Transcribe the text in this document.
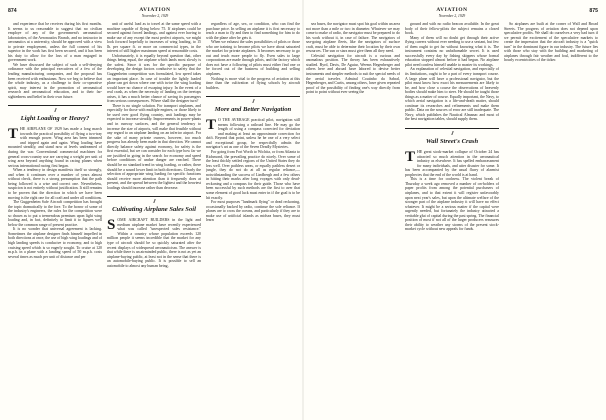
874	AVIATION
November 2, 1929
875
AVIATION
November 2, 1929

and experience that he receives during his first months. It seems to us reasonable to suggest that no civilian employe of any of the government's aeronautical laboratories, of the Aeronautics Branch, and no instructor in aeronautics at a university, should be approved with a view to private employment, unless the full consent of his superior in the work has first been secured, and it has been his duty to allow for the loss of a man engaged in government work.

We have discussed the subject of such a self-denying ordinance with the principal executives of a few of the leading manufacturing companies, and the proposal has been received with enthusiasm. Now we beg to believe that the whole industry, as a challenge to their co-operative spirit, may interest in the promotion of aeronautical research and aeronautical education, and to their far-sightedness and belief in their own future.

//
Light Loading or Heavy?

THE AIRPLANE OF 1929 has made a long march towards the practical possibility of flying a two-tray with enough power. Wing area has been trimmed and tripped again and again. Wing loading have mounted steadily, and stand now at levels undreamed of during the war. Conventional commercial machines for general cross-country use are carrying a weight per unit of wing area beyond anything found in racing planes when serious international racing first began.

When a tendency in design manifests itself so strongly, and when it continues over a number of years almost without check, there is a strong presumption that the path being followed is a wise and correct one. Nevertheless, suspicion is not entirely without justification. It still remains to be proven that the direction in which we have been moving is the right one for all craft and under all conditions.

The Guggenheim Safe Aircraft competition has brought the topic dramatically to the fore. To the horror of some of the industry's engineers, the rules for the competition were so drawn as to put a tremendous premium upon light wing loading and, in fact, definitely to limit it to figures well below the common range of present practice.

It is no wonder that universal agreement is lacking. Sometimes the airplane designer finds himself impelled in both directions at once, the use of high wing loadings and of high landing speeds is conducive to economy, and to high cruising speed which is so eagerly sought. To cruise at 120 m.p.h. in a plane with a landing speed of 50 m.p.h. costs several times as much per unit of distance and per

unit of useful load as to travel at the same speed with a machine capable of flying below 75. If airplanes could be secured against forced landings, and against ever having to make use of any except the most perfect airports, we might look forward hopefully to increases of wing loading, to 15 lb. per square ft. or more on commercial types, in the interest of still higher maximum speed at reasonable costs.

Unfortunately, it is equally beyond question that, other things being equal, the airplane which lands most slowly is the safest. Since it was for the specific purpose of developing the design factors conducive to safety that the Guggenheim competition was formulated, low speed takes an important place. In case of trouble the lightly loaded plane can get down where one with twice the wing loading would have no chance of escaping injury. In the event of a real crash, as when the necessity of landing on the treetops arises, it has a much better chance of saving its passengers from serious consequences. Where shall the designer turn?

There is no single solution. For transport airplanes, and especially for those with multiple engines, or those likely to be used over good flying country, unit loadings may be expected to increase steadily. Improvements in power-plants and in runway surfaces, and the general tendency to increase the size of airports, will make that feasible without any regard to an airplane landing on an inferior airport. For the sake of many private owners, however, too much progress has already been made in that direction. We cannot directly balance safety against economy, for safety is the first essential, but we can consider for each type how far we are justified in going in the search for economy and speed before conditions of undue danger are reached. There should be no standard trend in wing loading, or rather, there should be a sound lower limit in both directions. Clearly the selection of appropriate wing loading for specific functions should receive more attention than it frequently does at present, and the spread between the lightest and the heaviest loadings should increase rather than decrease.

//
Cultivating Airplane Sales Soil

SOME AIRCRAFT BUILDERS in the light and medium airplane market have recently experienced what was called "unexpected sales resistance." Within a country whose population exceeds 120 million people it seems incredible that the market for any type of aircraft should be so quickly saturated after the recent displays of widespread aeronauticism. The answer is that while there is an airminded public, there is not as yet an airplane-buying public, at least not in the sense that there is an automobile-buying public. It is possible to sell an automobile to almost any human being,

regardless of age, sex, or condition, who can find the purchase price. In selling an airplane it is first necessary to teach a man to fly and then to find something for him to do with the plane after he gets it.

When we exhaust the sales possibilities of pilots or those who are training to become pilots we have about saturated the market for private airplanes. It becomes necessary to go out and teach more people to fly. Even sales to large corporations are made through pilots, and the factory which does not have a following of pilots must either find one or be forced out of the business of building and selling airplanes.

Nothing is more vital to the progress of aviation at this time than the cultivation of flying schools by aircraft builders.

//
More and Better Navigation

T O THE AVERAGE practical pilot, navigation still means following a railroad line. He may go the length of using a compass corrected for deviation and making at least an approximate correction for drift. Beyond that point, unless he be one of a very select and exceptional group, he respectfully admits the navigator's art as one of the Seven Deadly Mysteries.

For going from Fort Worth to Wichita, or from Atlanta to Richmond, the prevailing practice do nicely. Over some of the least thickly settled regions of the United States they do less well. Over pathless areas, or equally pathless desert or jungle, they do not do at all as regular reliance,—notwithstanding the success of Lindbergh and a few others in hitting their marks after long voyages with only dead-reckoning and a compass for their guide. Those who have been successful by such methods are the first to aver that some element of good luck must enter in if the goal is to be hit exactly.

For most purposes "landmark flying" or dead reckoning, occasionally backed by radio, continue the sole reliance. If planes are to cross the oceans, and particularly if they are to make use of artificial islands as midsea bases, they must learn

sea bases, the navigator must spot his goal within an area not more than a mile or two in diameter. Whatever we may come to make of radio, the navigator must be prepared to do his work without it, in case of failure. The navigators of sea-going airplane fleets, like the navigators of surface craft, must be able to determine their location by their own resources. The sun or stars must give them all they need.

Celestial navigation for aircraft is a curious and anomalous position. The theory has been exhaustively studied. Byrd, Davis, De Aguiar, Weems Hegenberger and others here and abroad have labored to devise better instruments and simpler methods to suit the special needs of the aerial traveler. Admiral Coutinho da Sabral, Hegenberger, and Curtis, among others, have given repeated proof of the possibility of finding one's way directly from point to point without ever seeing the

ground and with no radio beacon available. In the great body of their fellow-pilots the subject remains a closed book.

Many of them will no doubt get through their active flying careers without ever needing to use a sextant, but few of them ought to get far without knowing what it is. The instrument contains no unfathomable secret. It is used successfully every day by fishing skippers whose formal education stopped almost before it had begun. No airplane pilot need confess himself unable to master its workings.

An explanation of celestial navigation, and especially of its limitations, ought to be a part of every transport course. A large plane will have a professional navigator, but the pilot must know how exact his measurements are likely to be, and how close a course the observations of heavenly bodies should make him to steer. He should be taught those things as a matter of course. Equally important, the Navy, to which aerial navigation is a life-and-death matter, should continue its researches and refinements and make them public. Data on the sources of error are still inadequate. The Navy, which publishes the Nautical Almanac and most of the best navigation tables, should supply them.

//
Wall Street's Crash

THE great stock-market collapse of October 24 has attracted so much attention in the aeronautical industry as elsewhere. It has spelled embarrassment for many individuals, and utter disaster for some. It has been accompanied by the usual flurry of alarmist prophecies that the end of the world is at hand.

This is a time for coolness. The violent break of Thursday a week ago removed a number of on-holders of paper profits from among the potential purchasers of airplanes, and to that extent it will register unfavorably upon next year's sales, but upon the ultimate welfare of the stronger part of the airplane industry it will have no effect whatever. It might be a serious matter if the capital were urgently needed, but fortunately the industry attracted a veritable glut of capital during the past spring. The financial position of most if not all of the larger producers reassures their ability to weather any storms of the present stock-market cycle without new appeals for funds.

So airplanes are built at the corner of Wall and Broad Streets. The progress of aviation does not depend upon speculative profits. We shall do ourselves a very bad turn if we permit the excitement of the speculative markets to create the impression that the aircraft industry is a "quick turn" in the dominant figure in our industry. The future lies with those who stay with the building and marketing of airplanes through fair weather and foul, indifferent to the hourly eccentricities of the ticker.
